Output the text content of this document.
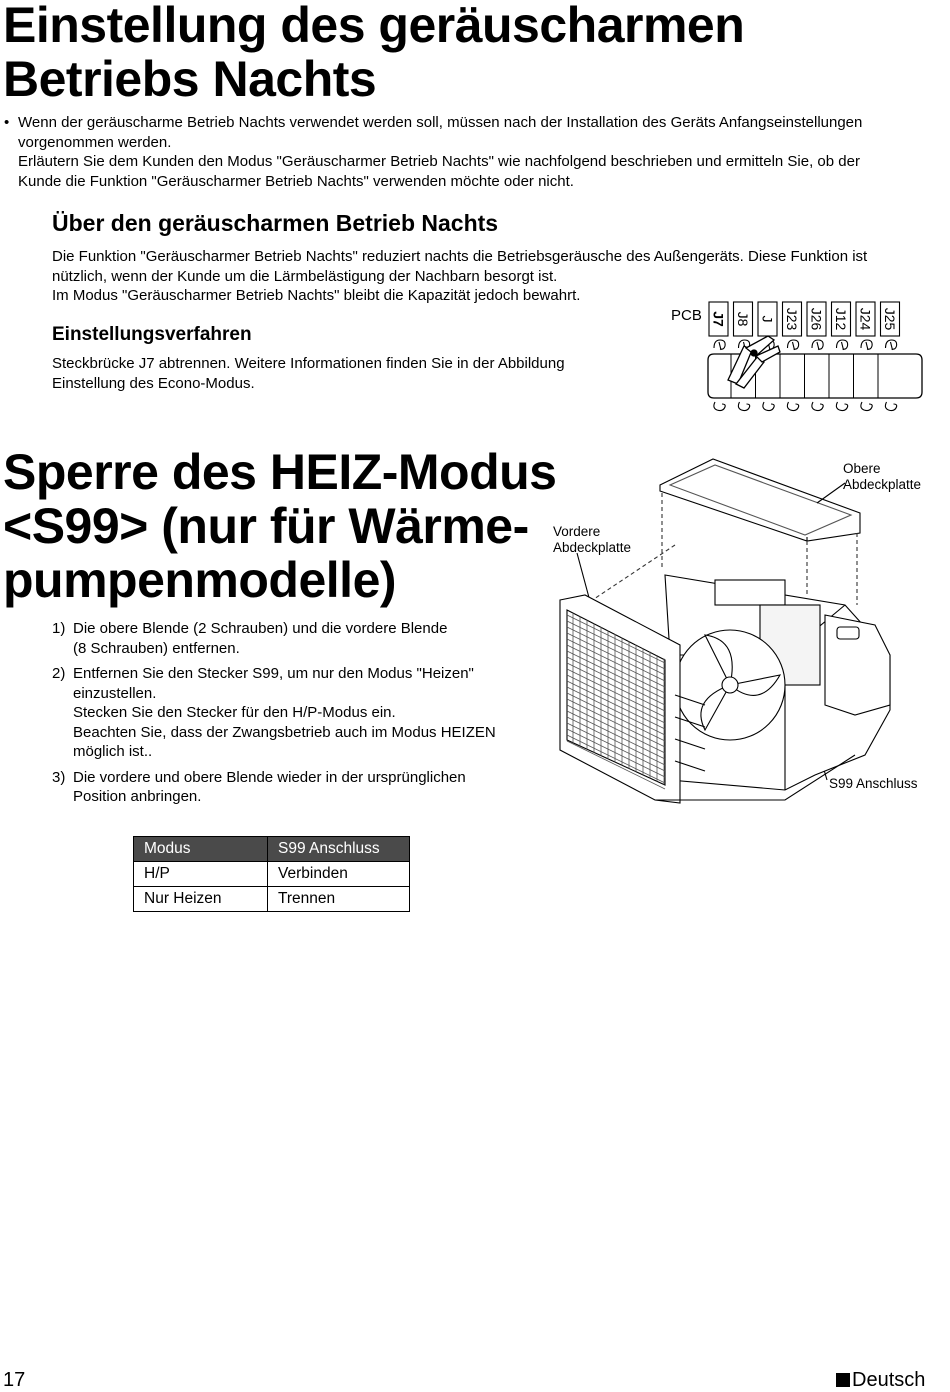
Einstellung des geräuscharmen
Betriebs Nachts
• Wenn der geräuscharme Betrieb Nachts verwendet werden soll, müssen nach der Installation des Geräts Anfangseinstellungen
vorgenommen werden.
Erläutern Sie dem Kunden den Modus "Geräuscharmer Betrieb Nachts" wie nachfolgend beschrieben und ermitteln Sie, ob der
Kunde die Funktion "Geräuscharmer Betrieb Nachts" verwenden möchte oder nicht.
Über den geräuscharmen Betrieb Nachts
Die Funktion "Geräuscharmer Betrieb Nachts" reduziert nachts die Betriebsgeräusche des Außengeräts. Diese Funktion ist
nützlich, wenn der Kunde um die Lärmbelästigung der Nachbarn besorgt ist.
Im Modus "Geräuscharmer Betrieb Nachts" bleibt die Kapazität jedoch bewahrt.
Einstellungsverfahren
Steckbrücke J7 abtrennen. Weitere Informationen finden Sie in der Abbildung
Einstellung des Econo-Modus.
PCB J7 J8 J J23 J26 J12 J24 J25
Sperre des HEIZ-Modus
<S99> (nur für Wärme-
pumpenmodelle)
1) Die obere Blende (2 Schrauben) und die vordere Blende
(8 Schrauben) entfernen.
2) Entfernen Sie den Stecker S99, um nur den Modus "Heizen"
einzustellen.
Stecken Sie den Stecker für den H/P-Modus ein.
Beachten Sie, dass der Zwangsbetrieb auch im Modus HEIZEN
möglich ist..
3) Die vordere und obere Blende wieder in der ursprünglichen
Position anbringen.
Modus	S99 Anschluss
H/P	Verbinden
Nur Heizen	Trennen
Obere
Abdeckplatte
Vordere
Abdeckplatte
S99 Anschluss
17	Deutsch
